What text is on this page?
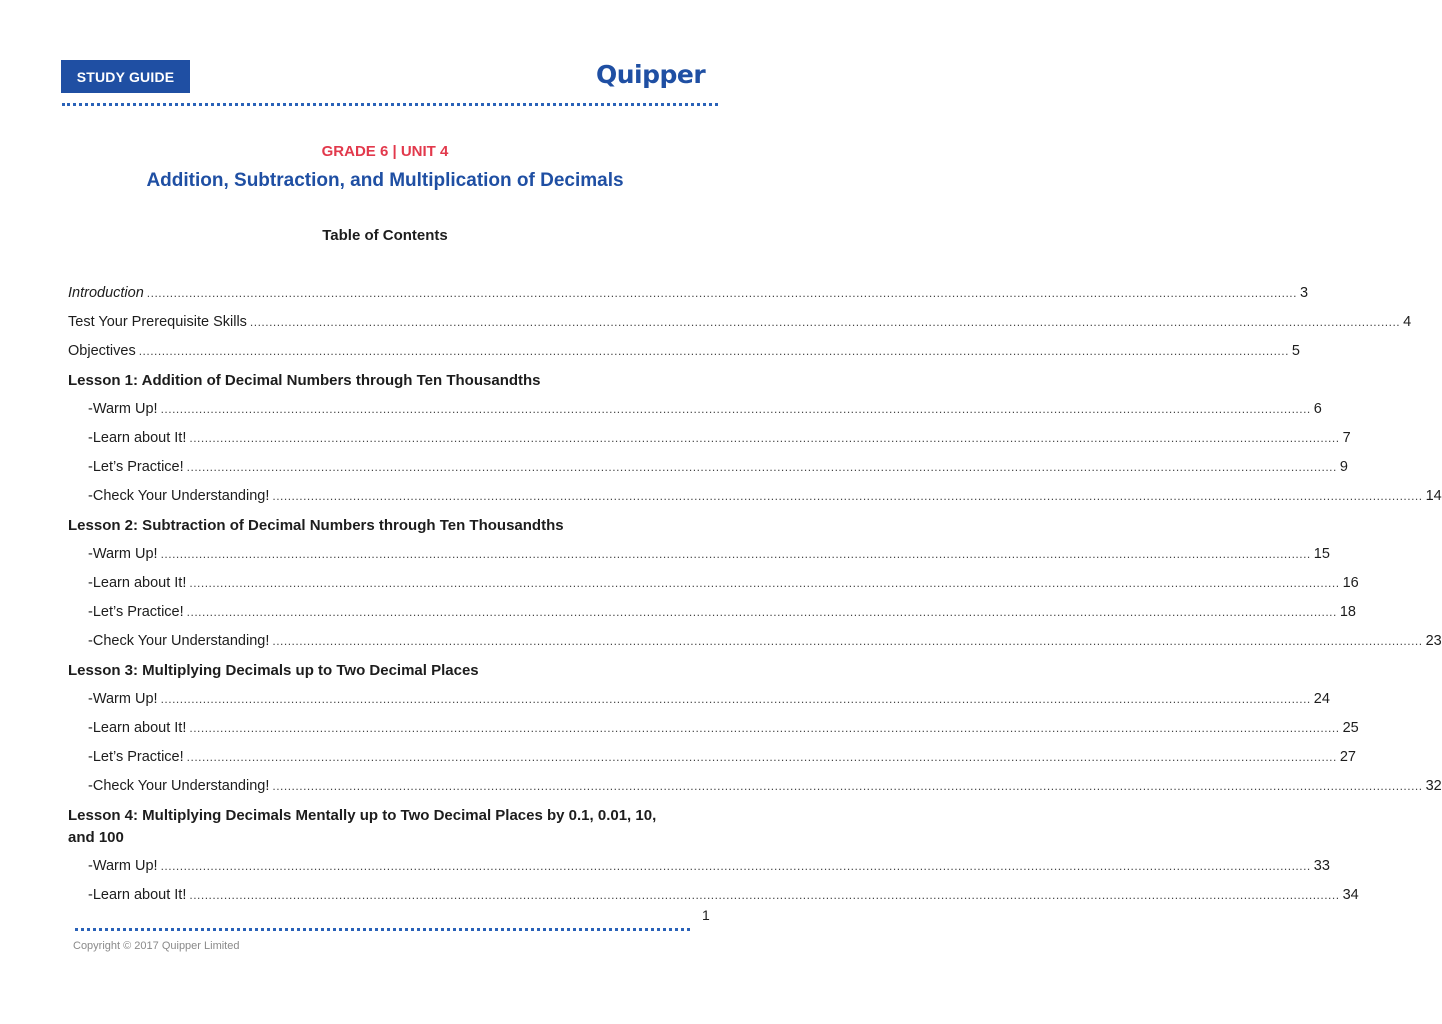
STUDY GUIDE	Quipper
GRADE 6 | UNIT 4
Addition, Subtraction, and Multiplication of Decimals
Table of Contents
Introduction ............................................................................................................................................................................................................................................................................................................ 3
Test Your Prerequisite Skills ............................................................................................................................................................................................................................................................................................................ 4
Objectives ............................................................................................................................................................................................................................................................................................................ 5
Lesson 1: Addition of Decimal Numbers through Ten Thousandths
- Warm Up! ............................................................................................................................................................................................................................................................................................................ 6
- Learn about It! ............................................................................................................................................................................................................................................................................................................ 7
- Let’s Practice! ............................................................................................................................................................................................................................................................................................................ 9
- Check Your Understanding! ............................................................................................................................................................................................................................................................................................................ 14
Lesson 2: Subtraction of Decimal Numbers through Ten Thousandths
- Warm Up! ............................................................................................................................................................................................................................................................................................................ 15
- Learn about It! ............................................................................................................................................................................................................................................................................................................ 16
- Let’s Practice! ............................................................................................................................................................................................................................................................................................................ 18
- Check Your Understanding! ............................................................................................................................................................................................................................................................................................................ 23
Lesson 3: Multiplying Decimals up to Two Decimal Places
- Warm Up! ............................................................................................................................................................................................................................................................................................................ 24
- Learn about It! ............................................................................................................................................................................................................................................................................................................ 25
- Let’s Practice! ............................................................................................................................................................................................................................................................................................................ 27
- Check Your Understanding! ............................................................................................................................................................................................................................................................................................................ 32
Lesson 4: Multiplying Decimals Mentally up to Two Decimal Places by 0.1, 0.01, 10, and 100
- Warm Up! ............................................................................................................................................................................................................................................................................................................ 33
- Learn about It! ............................................................................................................................................................................................................................................................................................................ 34
1
Copyright © 2017 Quipper Limited
